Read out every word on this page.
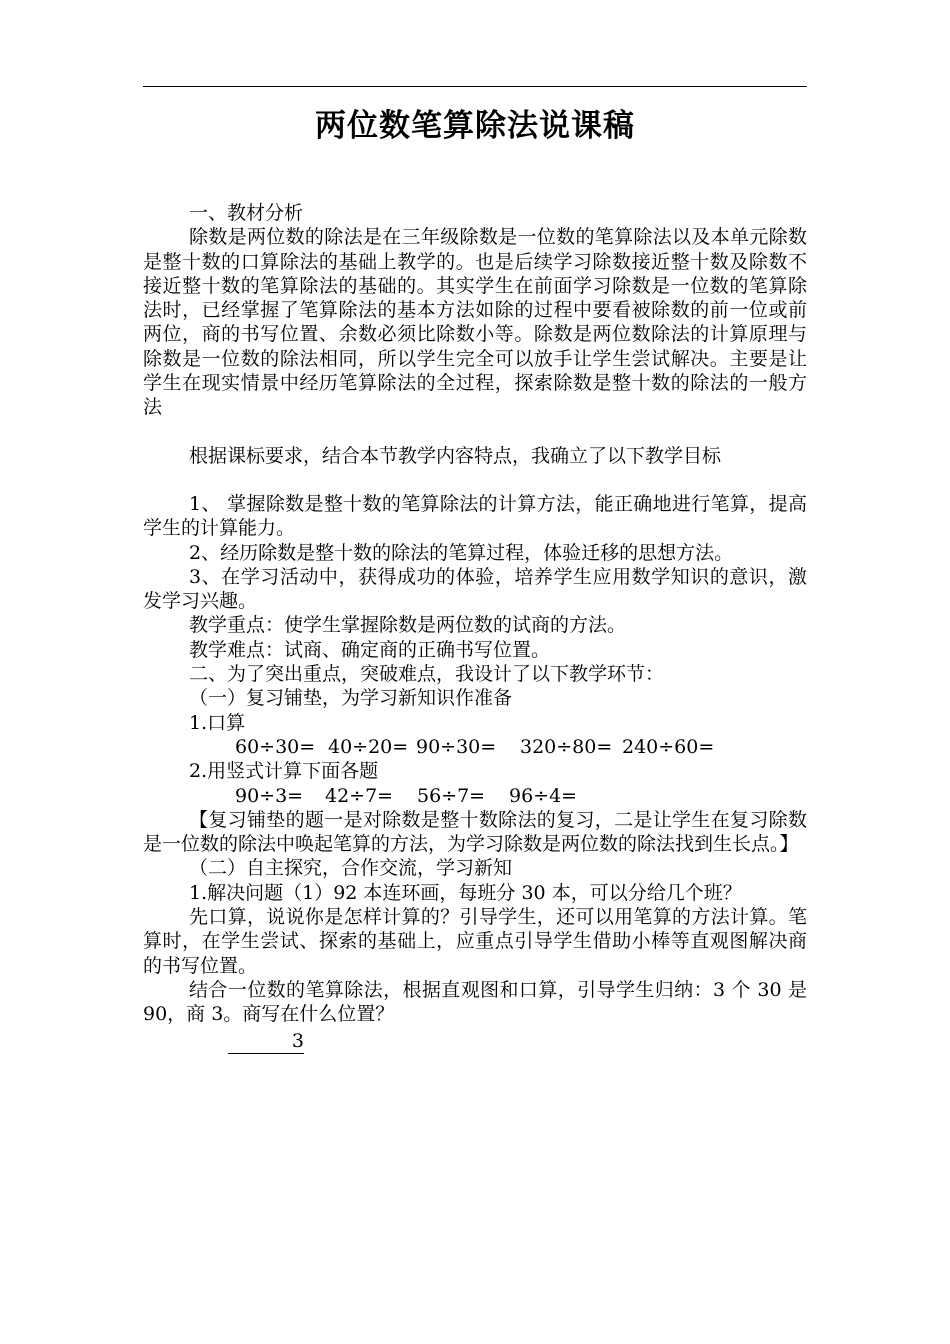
两位数笔算除法说课稿

一、教材分析

除数是两位数的除法是在三年级除数是一位数的笔算除法以及本单元除数是整十数的口算除法的基础上教学的。也是后续学习除数接近整十数及除数不接近整十数的笔算除法的基础的。其实学生在前面学习除数是一位数的笔算除法时，已经掌握了笔算除法的基本方法如除的过程中要看被除数的前一位或前两位，商的书写位置、余数必须比除数小等。除数是两位数除法的计算原理与除数是一位数的除法相同，所以学生完全可以放手让学生尝试解决。主要是让学生在现实情景中经历笔算除法的全过程，探索除数是整十数的除法的一般方法

根据课标要求，结合本节教学内容特点，我确立了以下教学目标

1、 掌握除数是整十数的笔算除法的计算方法，能正确地进行笔算，提高学生的计算能力。

2、经历除数是整十数的除法的笔算过程，体验迁移的思想方法。

3、在学习活动中，获得成功的体验，培养学生应用数学知识的意识，激发学习兴趣。

教学重点：使学生掌握除数是两位数的试商的方法。

教学难点：试商、确定商的正确书写位置。

二、为了突出重点，突破难点，我设计了以下教学环节：

（一）复习铺垫，为学习新知识作准备

1.口算

60÷30= 40÷20= 90÷30= 320÷80= 240÷60=

2.用竖式计算下面各题

90÷3= 42÷7= 56÷7= 96÷4=

【复习铺垫的题一是对除数是整十数除法的复习，二是让学生在复习除数是一位数的除法中唤起笔算的方法，为学习除数是两位数的除法找到生长点。】

（二）自主探究，合作交流，学习新知

1.解决问题（1）92 本连环画，每班分 30 本，可以分给几个班？

先口算，说说你是怎样计算的？引导学生，还可以用笔算的方法计算。笔算时，在学生尝试、探索的基础上，应重点引导学生借助小棒等直观图解决商的书写位置。

结合一位数的笔算除法，根据直观图和口算，引导学生归纳：3 个 30 是 90，商 3。商写在什么位置？

3
